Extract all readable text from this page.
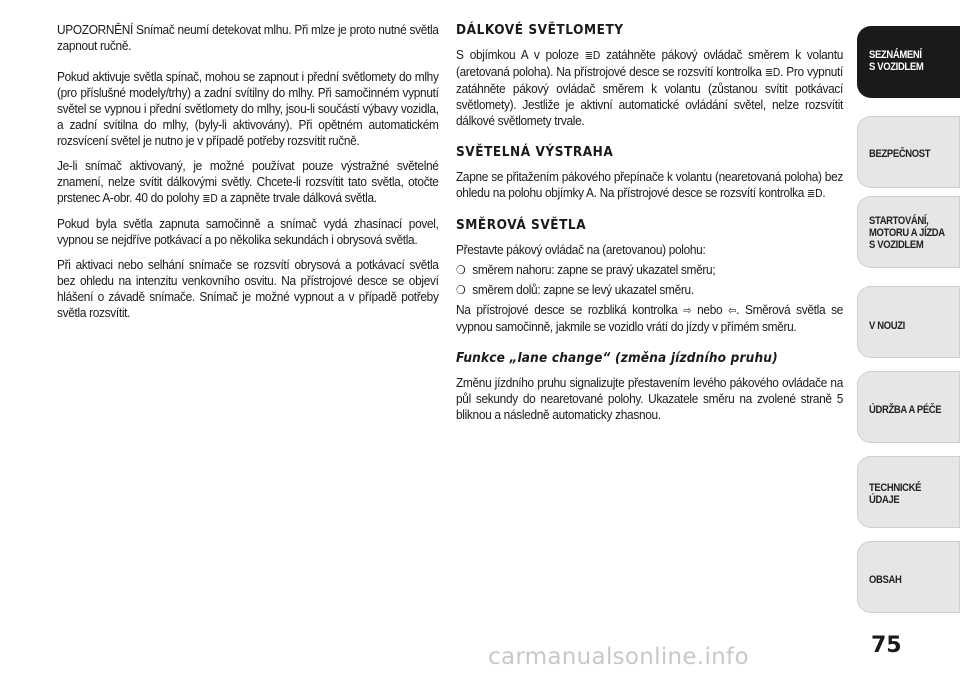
UPOZORNĚNÍ Snímač neumí detekovat mlhu. Při mlze je proto nutné světla zapnout ručně.

Pokud aktivuje světla spínač, mohou se zapnout i přední světlomety do mlhy (pro příslušné modely/trhy) a zadní svítilny do mlhy. Při samočinném vypnutí světel se vypnou i přední světlomety do mlhy, jsou-li součástí výbavy vozidla, a zadní svítilna do mlhy, (byly-li aktivovány). Při opětném automatickém rozsvícení světel je nutno je v případě potřeby rozsvítit ručně.

Je-li snímač aktivovaný, je možné používat pouze výstražné světelné znamení, nelze svítit dálkovými světly. Chcete-li rozsvítit tato světla, otočte prstenec A-obr. 40 do polohy ≣D a zapněte trvale dálková světla.

Pokud byla světla zapnuta samočinně a snímač vydá zhasínací povel, vypnou se nejdříve potkávací a po několika sekundách i obrysová světla.

Při aktivaci nebo selhání snímače se rozsvítí obrysová a potkávací světla bez ohledu na intenzitu venkovního osvitu. Na přístrojové desce se objeví hlášení o závadě snímače. Snímač je možné vypnout a v případě potřeby světla rozsvítit.

DÁLKOVÉ SVĚTLOMETY

S objímkou A v poloze ≣D zatáhněte pákový ovládač směrem k volantu (aretovaná poloha). Na přístrojové desce se rozsvítí kontrolka ≣D. Pro vypnutí zatáhněte pákový ovládač směrem k volantu (zůstanou svítit potkávací světlomety). Jestliže je aktivní automatické ovládání světel, nelze rozsvítit dálkové světlomety trvale.

SVĚTELNÁ VÝSTRAHA

Zapne se přitažením pákového přepínače k volantu (nearetovaná poloha) bez ohledu na polohu objímky A. Na přístrojové desce se rozsvítí kontrolka ≣D.

SMĚROVÁ SVĚTLA

Přestavte pákový ovládač na (aretovanou) polohu:

❍ směrem nahoru: zapne se pravý ukazatel směru;
❍ směrem dolů: zapne se levý ukazatel směru.

Na přístrojové desce se rozbliká kontrolka ⇨ nebo ⇦. Směrová světla se vypnou samočinně, jakmile se vozidlo vrátí do jízdy v přímém směru.

Funkce „lane change“ (změna jízdního pruhu)

Změnu jízdního pruhu signalizujte přestavením levého pákového ovládače na půl sekundy do nearetované polohy. Ukazatele směru na zvolené straně 5 bliknou a následně automaticky zhasnou.

SEZNÁMENÍ
S VOZIDLEM
BEZPEČNOST
STARTOVÁNÍ,
MOTORU A JÍZDA
S VOZIDLEM
V NOUZI
ÚDRŽBA A PÉČE
TECHNICKÉ
ÚDAJE
OBSAH
75
carmanualsonline.info
